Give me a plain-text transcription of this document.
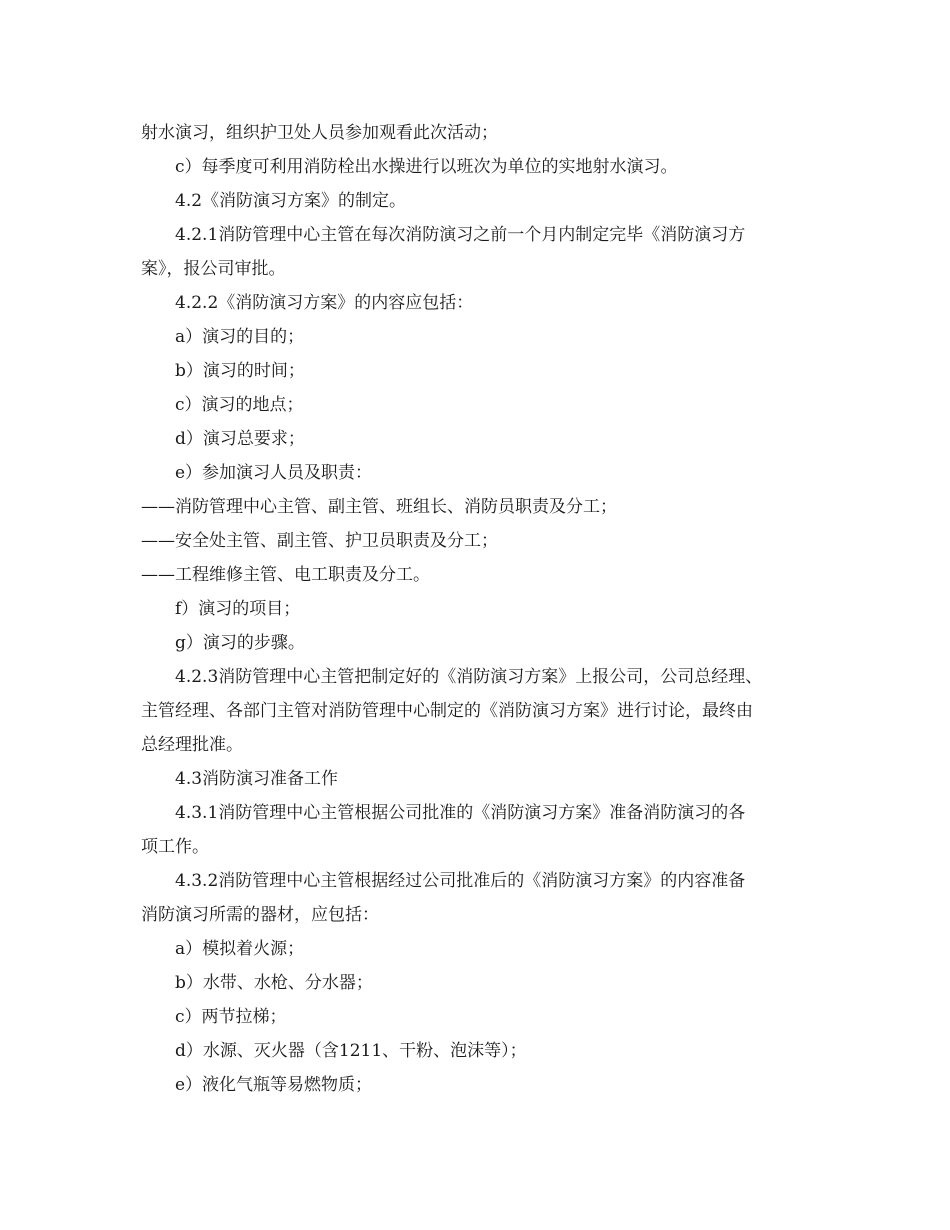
射水演习，组织护卫处人员参加观看此次活动；

c）每季度可利用消防栓出水操进行以班次为单位的实地射水演习。

4.2《消防演习方案》的制定。

4.2.1消防管理中心主管在每次消防演习之前一个月内制定完毕《消防演习方

案》，报公司审批。

4.2.2《消防演习方案》的内容应包括：

a）演习的目的；

b）演习的时间；

c）演习的地点；

d）演习总要求；

e）参加演习人员及职责：

——消防管理中心主管、副主管、班组长、消防员职责及分工；

——安全处主管、副主管、护卫员职责及分工；

——工程维修主管、电工职责及分工。

f）演习的项目；

g）演习的步骤。

4.2.3消防管理中心主管把制定好的《消防演习方案》上报公司，公司总经理、

主管经理、各部门主管对消防管理中心制定的《消防演习方案》进行讨论，最终由

总经理批准。

4.3消防演习准备工作

4.3.1消防管理中心主管根据公司批准的《消防演习方案》准备消防演习的各

项工作。

4.3.2消防管理中心主管根据经过公司批准后的《消防演习方案》的内容准备

消防演习所需的器材，应包括：

a）模拟着火源；

b）水带、水枪、分水器；

c）两节拉梯；

d）水源、灭火器（含1211、干粉、泡沫等）；

e）液化气瓶等易燃物质；
